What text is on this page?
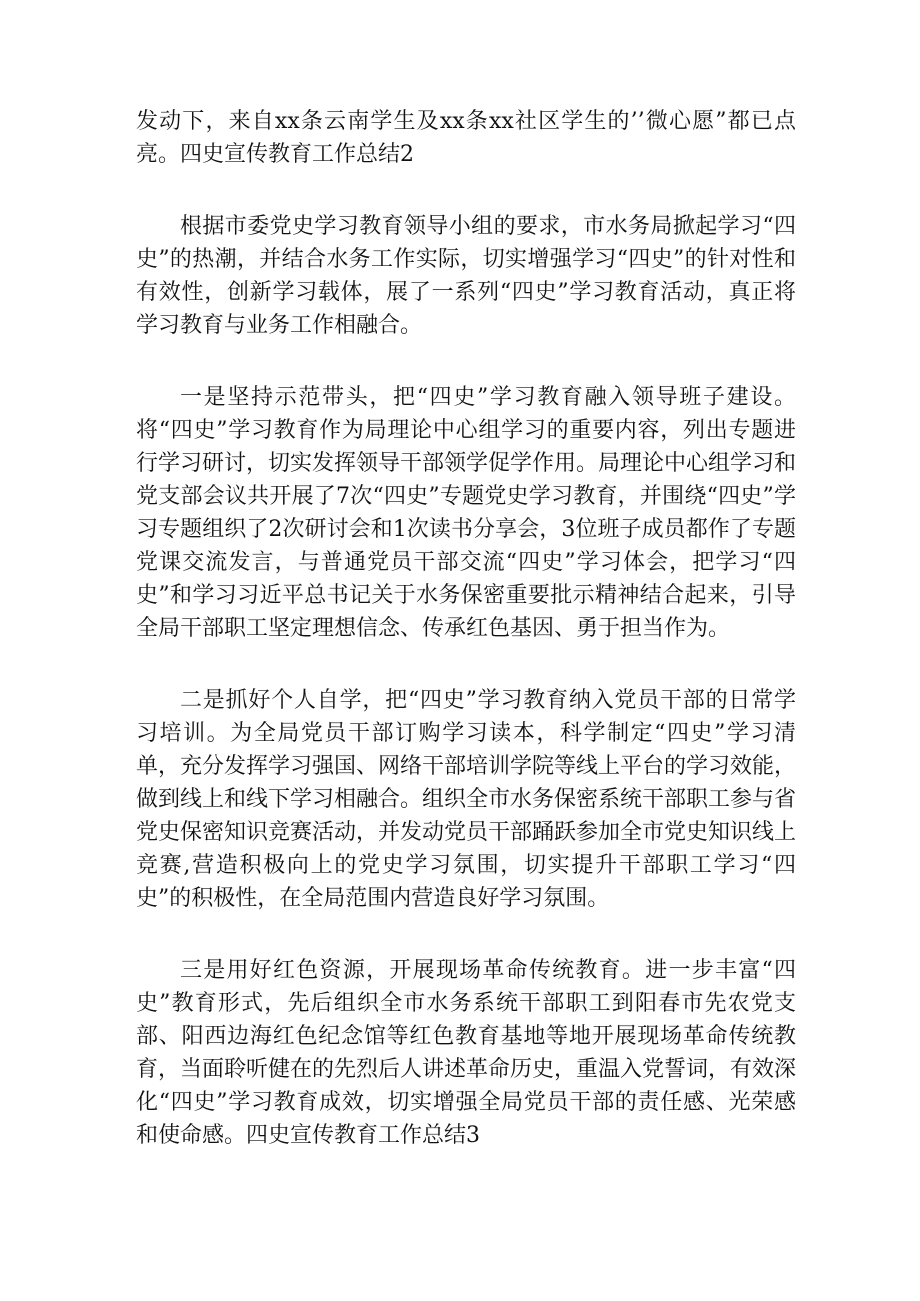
发动下，来自xx条云南学生及xx条xx社区学生的’’微心愿”都已点亮。四史宣传教育工作总结2

根据市委党史学习教育领导小组的要求，市水务局掀起学习“四史”的热潮，并结合水务工作实际，切实增强学习“四史”的针对性和有效性，创新学习载体，展了一系列“四史”学习教育活动，真正将学习教育与业务工作相融合。

一是坚持示范带头，把“四史”学习教育融入领导班子建设。将“四史”学习教育作为局理论中心组学习的重要内容，列出专题进行学习研讨，切实发挥领导干部领学促学作用。局理论中心组学习和党支部会议共开展了7次“四史”专题党史学习教育，并围绕“四史”学习专题组织了2次研讨会和1次读书分享会，3位班子成员都作了专题党课交流发言，与普通党员干部交流“四史”学习体会，把学习“四史”和学习习近平总书记关于水务保密重要批示精神结合起来，引导全局干部职工坚定理想信念、传承红色基因、勇于担当作为。

二是抓好个人自学，把“四史”学习教育纳入党员干部的日常学习培训。为全局党员干部订购学习读本，科学制定“四史”学习清单，充分发挥学习强国、网络干部培训学院等线上平台的学习效能，做到线上和线下学习相融合。组织全市水务保密系统干部职工参与省党史保密知识竞赛活动，并发动党员干部踊跃参加全市党史知识线上竞赛,营造积极向上的党史学习氛围，切实提升干部职工学习“四史”的积极性，在全局范围内营造良好学习氛围。

三是用好红色资源，开展现场革命传统教育。进一步丰富“四史”教育形式，先后组织全市水务系统干部职工到阳春市先农党支部、阳西边海红色纪念馆等红色教育基地等地开展现场革命传统教育，当面聆听健在的先烈后人讲述革命历史，重温入党誓词，有效深化“四史”学习教育成效，切实增强全局党员干部的责任感、光荣感和使命感。四史宣传教育工作总结3
